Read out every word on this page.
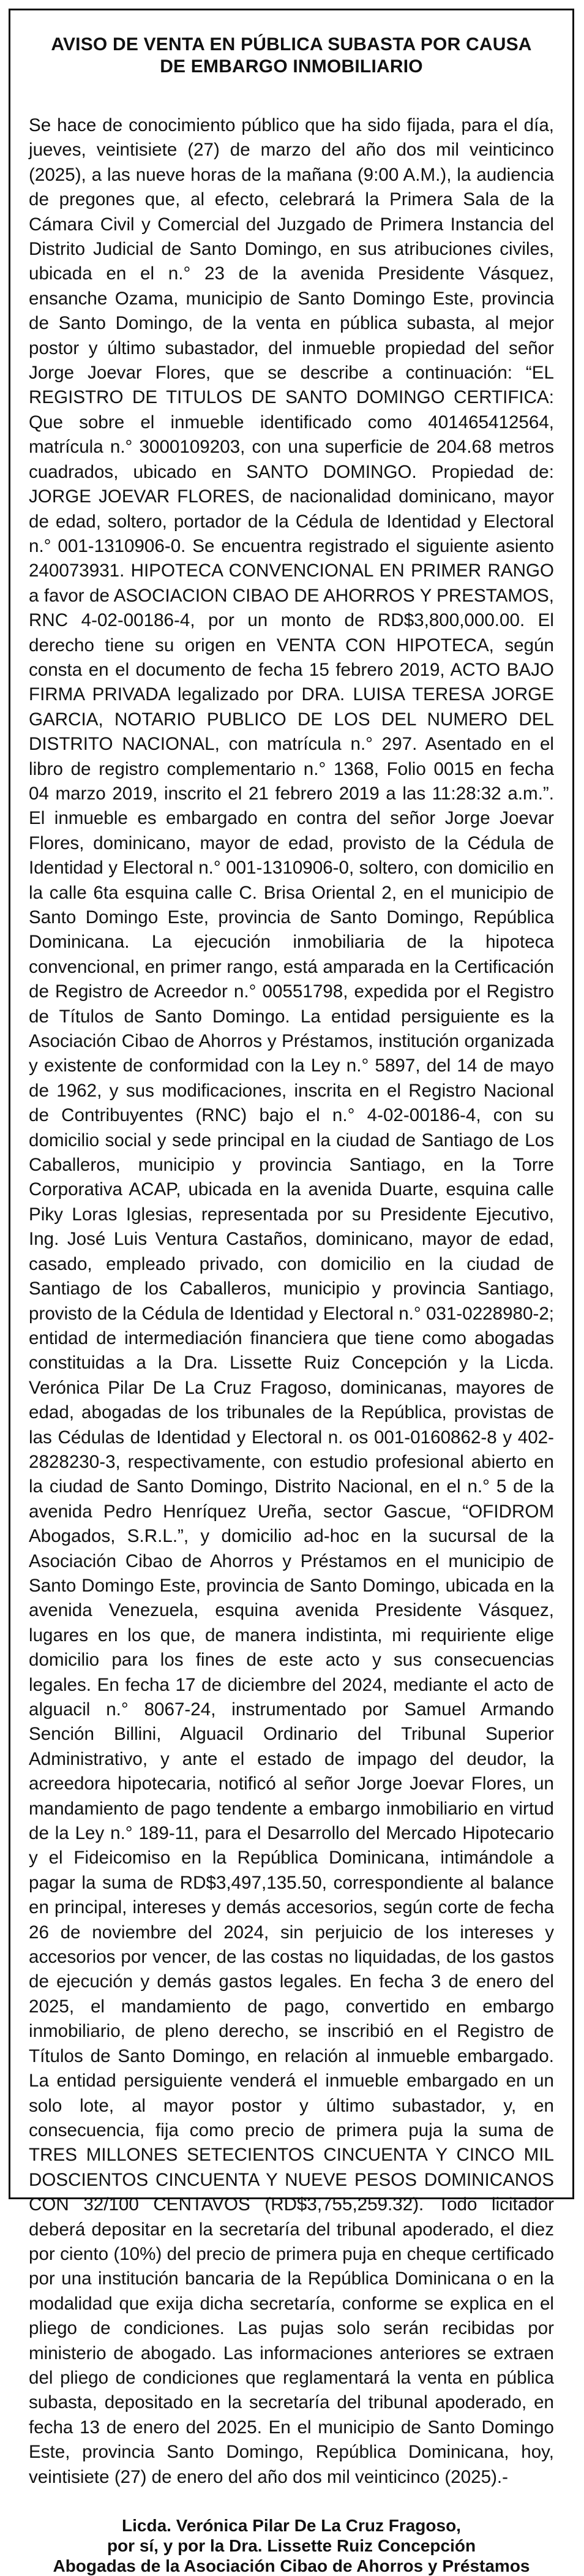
AVISO DE VENTA EN PÚBLICA SUBASTA POR CAUSA
DE EMBARGO INMOBILIARIO

Se hace de conocimiento público que ha sido fijada, para el día, jueves, veintisiete (27) de marzo del año dos mil veinticinco (2025), a las nueve horas de la mañana (9:00 A.M.), la audiencia de pregones que, al efecto, celebrará la Primera Sala de la Cámara Civil y Comercial del Juzgado de Primera Instancia del Distrito Judicial de Santo Domingo, en sus atribuciones civiles, ubicada en el n.° 23 de la avenida Presidente Vásquez, ensanche Ozama, municipio de Santo Domingo Este, provincia de Santo Domingo, de la venta en pública subasta, al mejor postor y último subastador, del inmueble propiedad del señor Jorge Joevar Flores, que se describe a continuación: “EL REGISTRO DE TITULOS DE SANTO DOMINGO CERTIFICA: Que sobre el inmueble identificado como 401465412564, matrícula n.° 3000109203, con una superficie de 204.68 metros cuadrados, ubicado en SANTO DOMINGO. Propiedad de: JORGE JOEVAR FLORES, de nacionalidad dominicano, mayor de edad, soltero, portador de la Cédula de Identidad y Electoral n.° 001-1310906-0. Se encuentra registrado el siguiente asiento 240073931. HIPOTECA CONVENCIONAL EN PRIMER RANGO a favor de ASOCIACION CIBAO DE AHORROS Y PRESTAMOS, RNC 4-02-00186-4, por un monto de RD$3,800,000.00. El derecho tiene su origen en VENTA CON HIPOTECA, según consta en el documento de fecha 15 febrero 2019, ACTO BAJO FIRMA PRIVADA legalizado por DRA. LUISA TERESA JORGE GARCIA, NOTARIO PUBLICO DE LOS DEL NUMERO DEL DISTRITO NACIONAL, con matrícula n.° 297. Asentado en el libro de registro complementario n.° 1368, Folio 0015 en fecha 04 marzo 2019, inscrito el 21 febrero 2019 a las 11:28:32 a.m.”. El inmueble es embargado en contra del señor Jorge Joevar Flores, dominicano, mayor de edad, provisto de la Cédula de Identidad y Electoral n.° 001-1310906-0, soltero, con domicilio en la calle 6ta esquina calle C. Brisa Oriental 2, en el municipio de Santo Domingo Este, provincia de Santo Domingo, República Dominicana. La ejecución inmobiliaria de la hipoteca convencional, en primer rango, está amparada en la Certificación de Registro de Acreedor n.° 00551798, expedida por el Registro de Títulos de Santo Domingo. La entidad persiguiente es la Asociación Cibao de Ahorros y Préstamos, institución organizada y existente de conformidad con la Ley n.° 5897, del 14 de mayo de 1962, y sus modificaciones, inscrita en el Registro Nacional de Contribuyentes (RNC) bajo el n.° 4-02-00186-4, con su domicilio social y sede principal en la ciudad de Santiago de Los Caballeros, municipio y provincia Santiago, en la Torre Corporativa ACAP, ubicada en la avenida Duarte, esquina calle Piky Loras Iglesias, representada por su Presidente Ejecutivo, Ing. José Luis Ventura Castaños, dominicano, mayor de edad, casado, empleado privado, con domicilio en la ciudad de Santiago de los Caballeros, municipio y provincia Santiago, provisto de la Cédula de Identidad y Electoral n.° 031-0228980-2; entidad de intermediación financiera que tiene como abogadas constituidas a la Dra. Lissette Ruiz Concepción y la Licda. Verónica Pilar De La Cruz Fragoso, dominicanas, mayores de edad, abogadas de los tribunales de la República, provistas de las Cédulas de Identidad y Electoral n. os 001-0160862-8 y 402-2828230-3, respectivamente, con estudio profesional abierto en la ciudad de Santo Domingo, Distrito Nacional, en el n.° 5 de la avenida Pedro Henríquez Ureña, sector Gascue, “OFIDROM Abogados, S.R.L.”, y domicilio ad-hoc en la sucursal de la Asociación Cibao de Ahorros y Préstamos en el municipio de Santo Domingo Este, provincia de Santo Domingo, ubicada en la avenida Venezuela, esquina avenida Presidente Vásquez, lugares en los que, de manera indistinta, mi requiriente elige domicilio para los fines de este acto y sus consecuencias legales. En fecha 17 de diciembre del 2024, mediante el acto de alguacil n.° 8067-24, instrumentado por Samuel Armando Sención Billini, Alguacil Ordinario del Tribunal Superior Administrativo, y ante el estado de impago del deudor, la acreedora hipotecaria, notificó al señor Jorge Joevar Flores, un mandamiento de pago tendente a embargo inmobiliario en virtud de la Ley n.° 189-11, para el Desarrollo del Mercado Hipotecario y el Fideicomiso en la República Dominicana, intimándole a pagar la suma de RD$3,497,135.50, correspondiente al balance en principal, intereses y demás accesorios, según corte de fecha 26 de noviembre del 2024, sin perjuicio de los intereses y accesorios por vencer, de las costas no liquidadas, de los gastos de ejecución y demás gastos legales. En fecha 3 de enero del 2025, el mandamiento de pago, convertido en embargo inmobiliario, de pleno derecho, se inscribió en el Registro de Títulos de Santo Domingo, en relación al inmueble embargado. La entidad persiguiente venderá el inmueble embargado en un solo lote, al mayor postor y último subastador, y, en consecuencia, fija como precio de primera puja la suma de TRES MILLONES SETECIENTOS CINCUENTA Y CINCO MIL DOSCIENTOS CINCUENTA Y NUEVE PESOS DOMINICANOS CON 32/100 CENTAVOS (RD$3,755,259.32). Todo licitador deberá depositar en la secretaría del tribunal apoderado, el diez por ciento (10%) del precio de primera puja en cheque certificado por una institución bancaria de la República Dominicana o en la modalidad que exija dicha secretaría, conforme se explica en el pliego de condiciones. Las pujas solo serán recibidas por ministerio de abogado. Las informaciones anteriores se extraen del pliego de condiciones que reglamentará la venta en pública subasta, depositado en la secretaría del tribunal apoderado, en fecha 13 de enero del 2025. En el municipio de Santo Domingo Este, provincia Santo Domingo, República Dominicana, hoy, veintisiete (27) de enero del año dos mil veinticinco (2025).-

Licda. Verónica Pilar De La Cruz Fragoso,
por sí, y por la Dra. Lissette Ruiz Concepción
Abogadas de la Asociación Cibao de Ahorros y Préstamos
